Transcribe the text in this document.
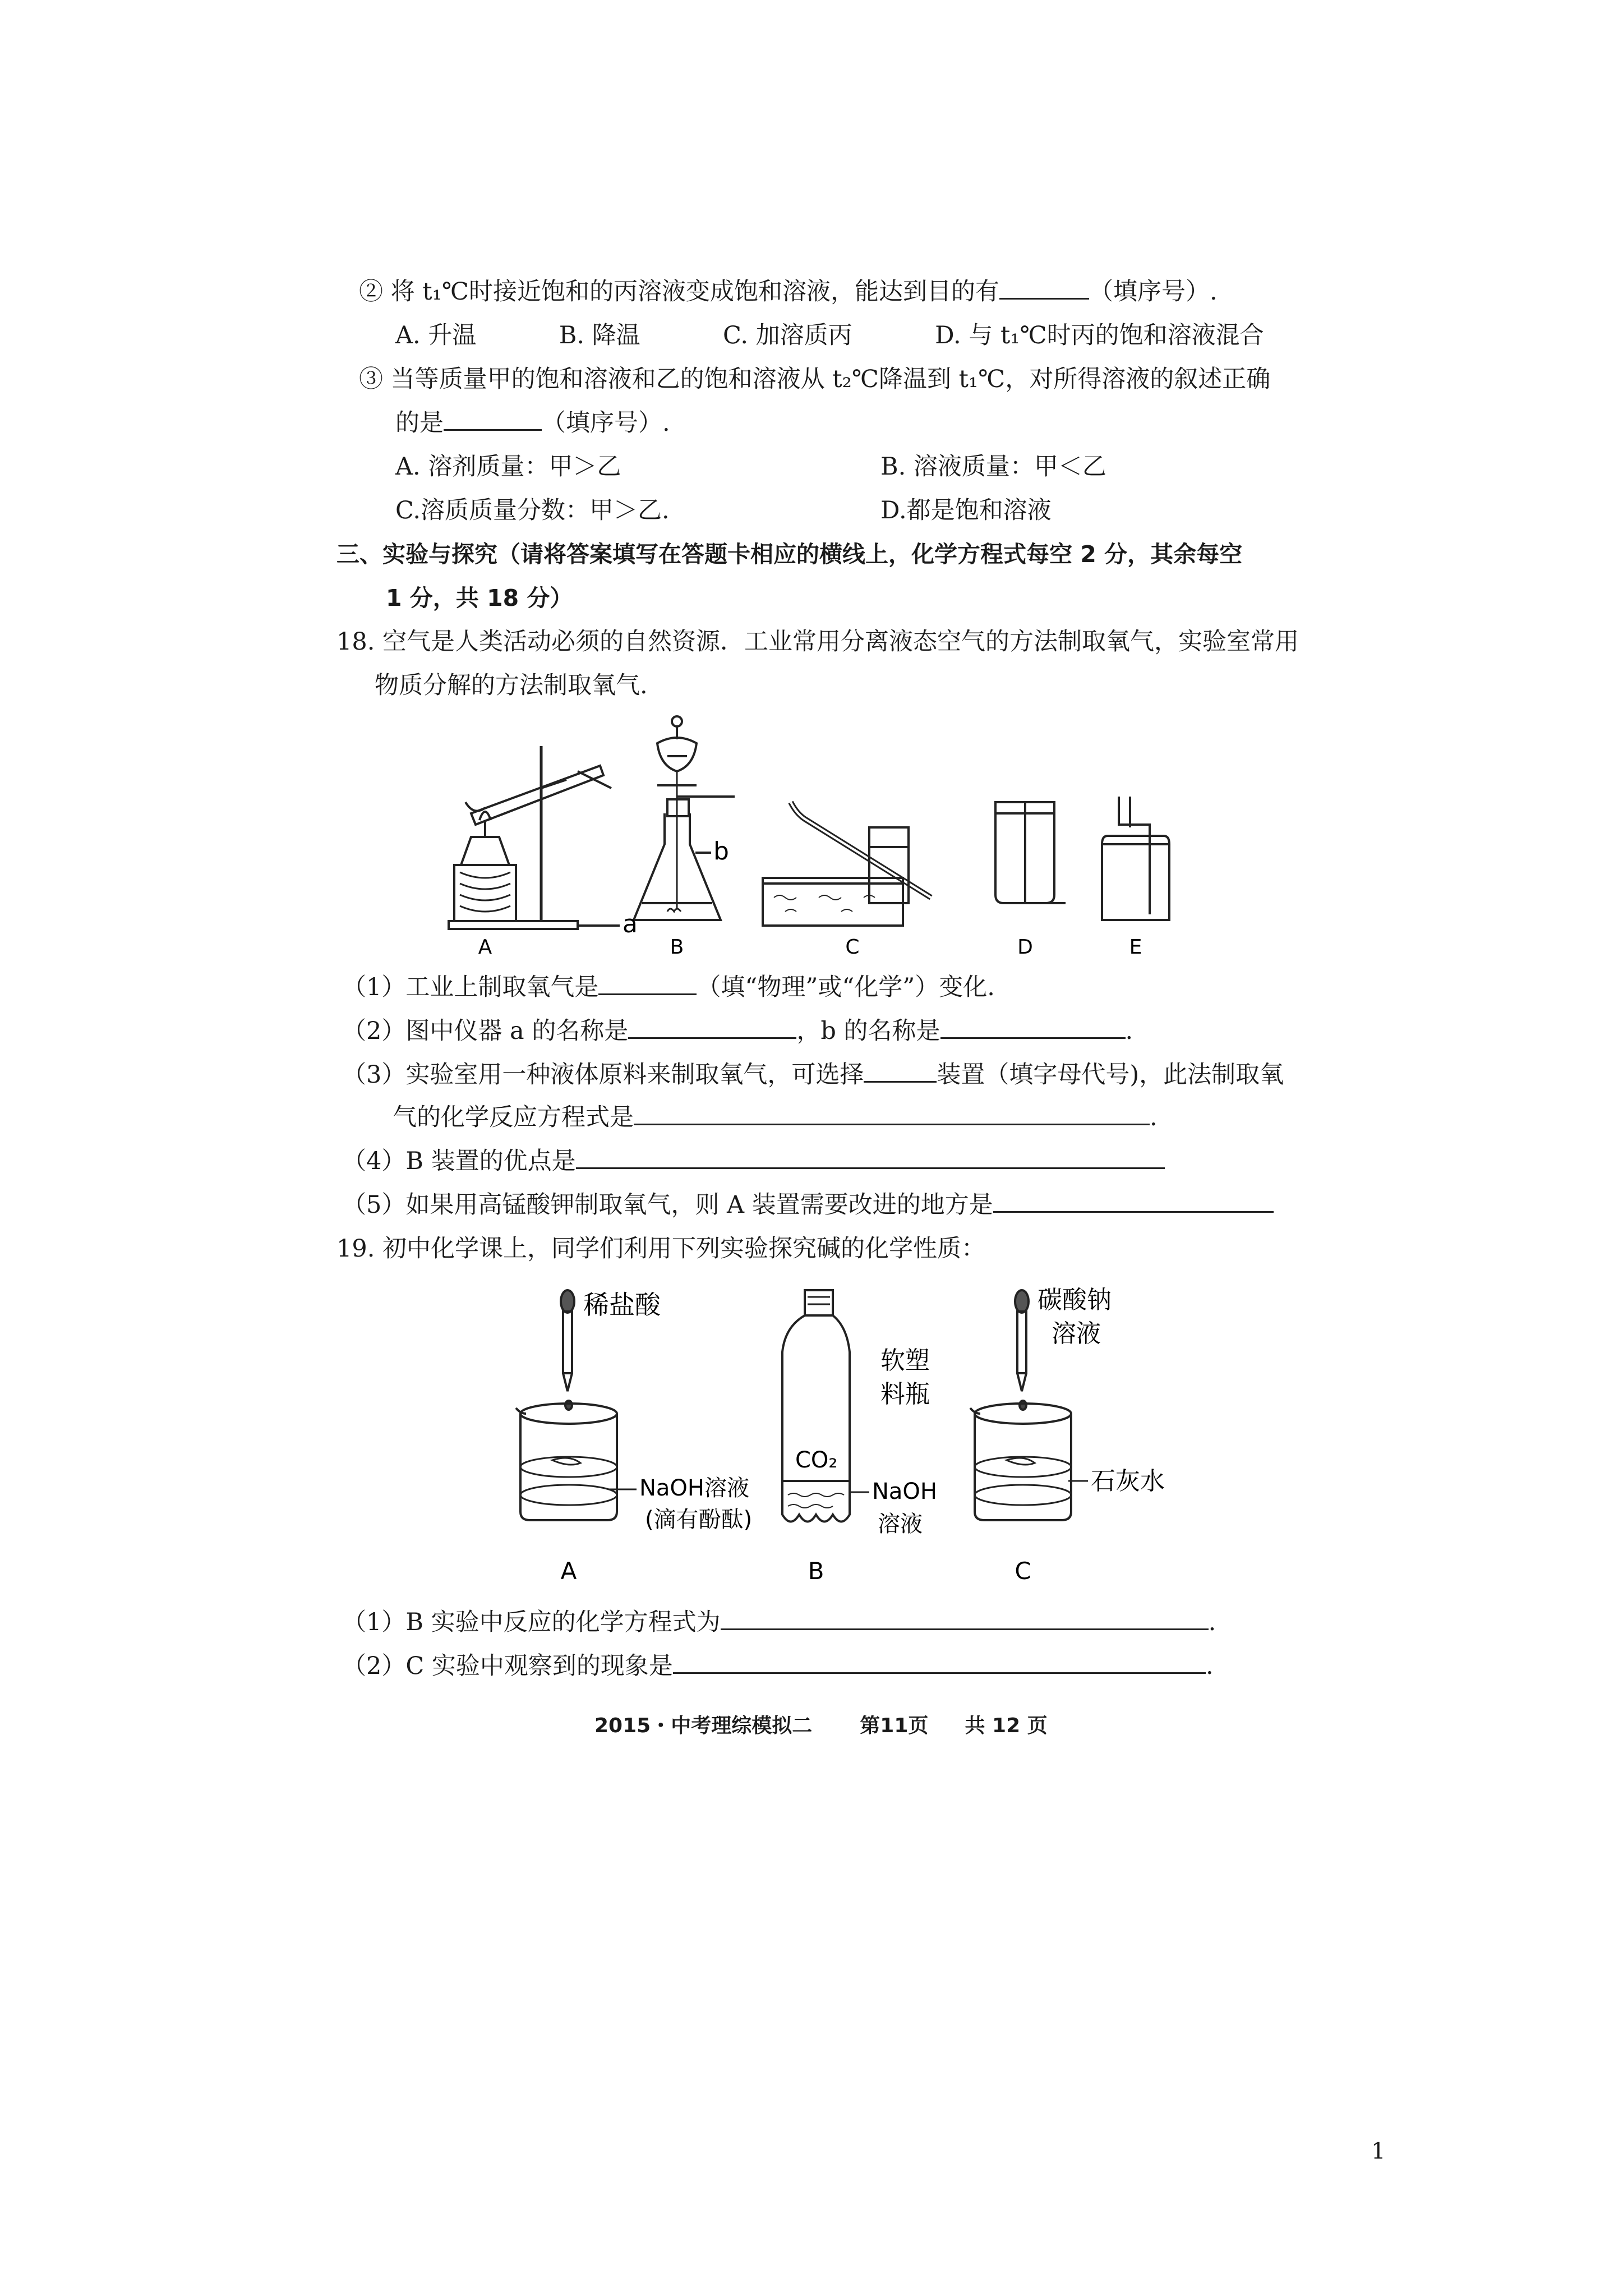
② 将 t₁℃时接近饱和的丙溶液变成饱和溶液，能达到目的有	（填序号）.
A. 升温	B. 降温	C. 加溶质丙	D. 与 t₁℃时丙的饱和溶液混合
③ 当等质量甲的饱和溶液和乙的饱和溶液从 t₂℃降温到 t₁℃，对所得溶液的叙述正确
的是	（填序号）.
A. 溶剂质量：甲＞乙	B. 溶液质量：甲＜乙
C.溶质质量分数：甲＞乙.	D.都是饱和溶液
三、实验与探究（请将答案填写在答题卡相应的横线上，化学方程式每空 2 分，其余每空
1 分，共 18 分）
18. 空气是人类活动必须的自然资源．工业常用分离液态空气的方法制取氧气，实验室常用
物质分解的方法制取氧气.
A	B	C	D	E
a
b
（1）工业上制取氧气是	（填“物理”或“化学”）变化.
（2）图中仪器 a 的名称是	，b 的名称是	.
（3）实验室用一种液体原料来制取氧气，可选择	装置（填字母代号)，此法制取氧
气的化学反应方程式是	.
（4）B 装置的优点是
（5）如果用高锰酸钾制取氧气，则 A 装置需要改进的地方是
19. 初中化学课上，同学们利用下列实验探究碱的化学性质：
稀盐酸
NaOH溶液
(滴有酚酞)
软塑
料瓶
CO₂
NaOH
溶液
碳酸钠
溶液
石灰水
A	B	C
（1）B 实验中反应的化学方程式为	.
（2）C 实验中观察到的现象是	.
2015・中考理综模拟二 第11页 共 12 页
1
